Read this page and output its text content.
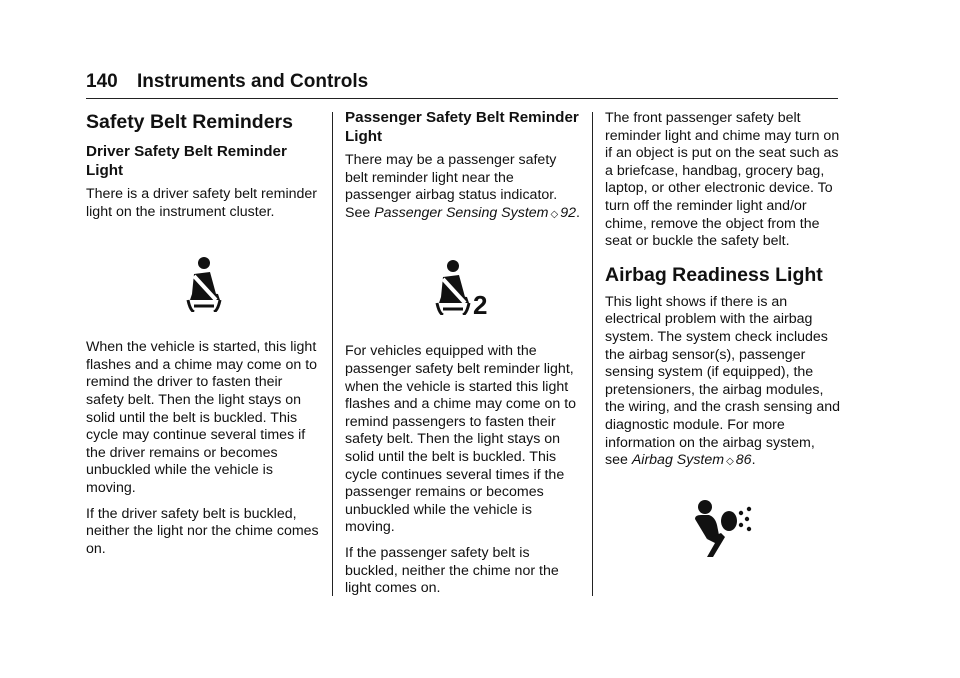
140 Instruments and Controls
Safety Belt Reminders
Driver Safety Belt Reminder Light

There is a driver safety belt reminder light on the instrument cluster.

When the vehicle is started, this light flashes and a chime may come on to remind the driver to fasten their safety belt. Then the light stays on solid until the belt is buckled. This cycle may continue several times if the driver remains or becomes unbuckled while the vehicle is moving.

If the driver safety belt is buckled, neither the light nor the chime comes on.

Passenger Safety Belt Reminder Light

There may be a passenger safety belt reminder light near the passenger airbag status indicator. See Passenger Sensing System ◇ 92.

2

For vehicles equipped with the passenger safety belt reminder light, when the vehicle is started this light flashes and a chime may come on to remind passengers to fasten their safety belt. Then the light stays on solid until the belt is buckled. This cycle continues several times if the passenger remains or becomes unbuckled while the vehicle is moving.

If the passenger safety belt is buckled, neither the chime nor the light comes on.

The front passenger safety belt reminder light and chime may turn on if an object is put on the seat such as a briefcase, handbag, grocery bag, laptop, or other electronic device. To turn off the reminder light and/or chime, remove the object from the seat or buckle the safety belt.

Airbag Readiness Light

This light shows if there is an electrical problem with the airbag system. The system check includes the airbag sensor(s), passenger sensing system (if equipped), the pretensioners, the airbag modules, the wiring, and the crash sensing and diagnostic module. For more information on the airbag system, see Airbag System ◇ 86.
